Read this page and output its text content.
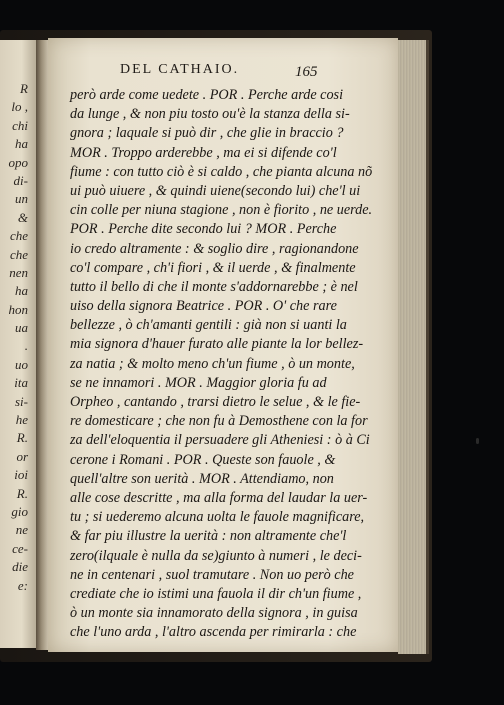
R
lo ,
chi
ha
opo
di-
un
&
che
che
nen
ha
hon
ua
.
uo
ita
si-
he
R.
or
ioi
R.
gio
ne
ce-
die
e:
DEL CATHAIO.	165
però arde come uedete . POR . Perche arde cosi
da lunge , & non piu tosto ou'è la stanza della si-
gnora ; laquale si può dir , che glie in braccio ?
MOR . Troppo arderebbe , ma ei si difende co'l
fiume : con tutto ciò è si caldo , che pianta alcuna nõ
ui può uiuere , & quindi uiene(secondo lui) che'l ui
cin colle per niuna stagione , non è fiorito , ne uerde.
POR . Perche dite secondo lui ? MOR . Perche
io credo altramente : & soglio dire , ragionandone
co'l compare , ch'i fiori , & il uerde , & finalmente
tutto il bello di che il monte s'addornarebbe ; è nel
uiso della signora Beatrice . POR . O' che rare
bellezze , ò ch'amanti gentili : già non si uanti la
mia signora d'hauer furato alle piante la lor bellez-
za natia ; & molto meno ch'un fiume , ò un monte,
se ne innamori . MOR . Maggior gloria fu ad
Orpheo , cantando , trarsi dietro le selue , & le fie-
re domesticare ; che non fu à Demosthene con la for
za dell'eloquentia il persuadere gli Atheniesi : ò à Ci
cerone i Romani . POR . Queste son fauole , &
quell'altre son uerità . MOR . Attendiamo, non
alle cose descritte , ma alla forma del laudar la uer-
tu ; si uederemo alcuna uolta le fauole magnificare,
& far piu illustre la uerità : non altramente che'l
zero(ilquale è nulla da se)giunto à numeri , le deci-
ne in centenari , suol tramutare . Non uo però che
crediate che io istimi una fauola il dir ch'un fiume ,
ò un monte sia innamorato della signora , in guisa
che l'uno arda , l'altro ascenda per rimirarla : che
